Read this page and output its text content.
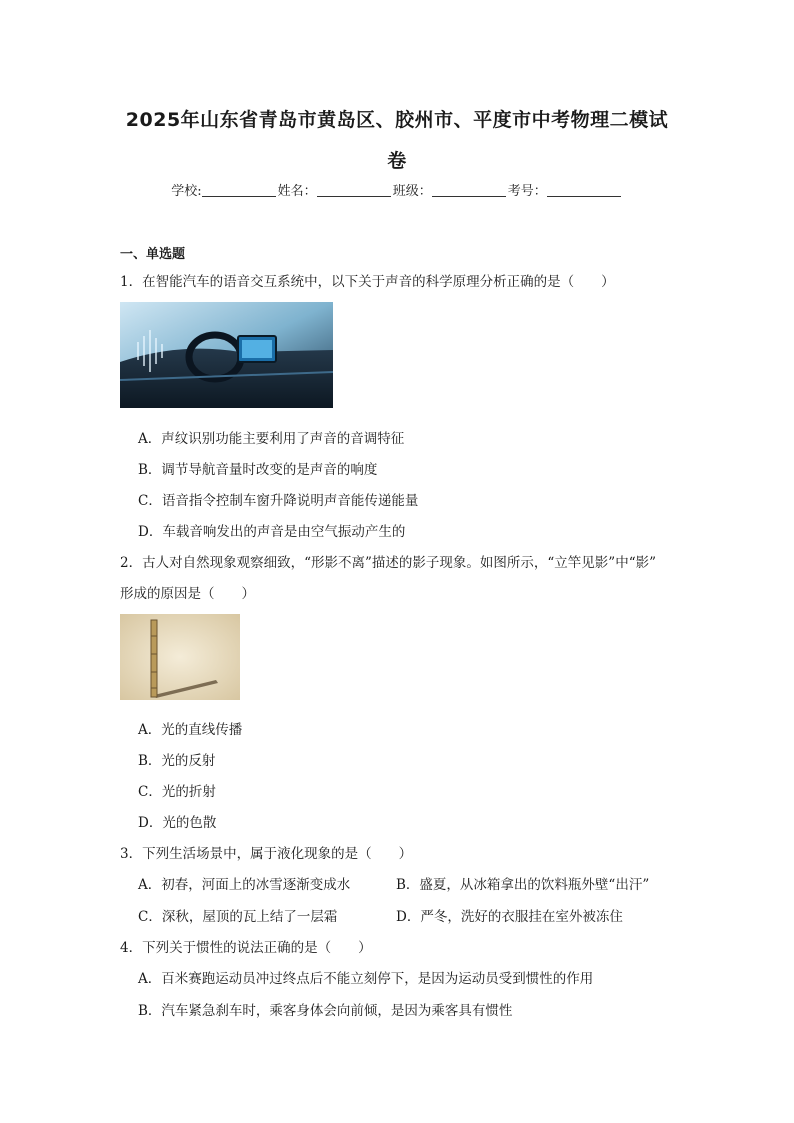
2025年山东省青岛市黄岛区、胶州市、平度市中考物理二模试
卷
学校:	姓名：	班级：	考号：
一、单选题
1．在智能汽车的语音交互系统中，以下关于声音的科学原理分析正确的是（　　）
A．声纹识别功能主要利用了声音的音调特征
B．调节导航音量时改变的是声音的响度
C．语音指令控制车窗升降说明声音能传递能量
D．车载音响发出的声音是由空气振动产生的
2．古人对自然现象观察细致，“形影不离”描述的影子现象。如图所示，“立竿见影”中“影”
形成的原因是（　　）
A．光的直线传播
B．光的反射
C．光的折射
D．光的色散
3．下列生活场景中，属于液化现象的是（　　）
A．初春，河面上的冰雪逐渐变成水	B．盛夏，从冰箱拿出的饮料瓶外壁“出汗”
C．深秋，屋顶的瓦上结了一层霜	D．严冬，洗好的衣服挂在室外被冻住
4．下列关于惯性的说法正确的是（　　）
A．百米赛跑运动员冲过终点后不能立刻停下，是因为运动员受到惯性的作用
B．汽车紧急刹车时，乘客身体会向前倾，是因为乘客具有惯性
